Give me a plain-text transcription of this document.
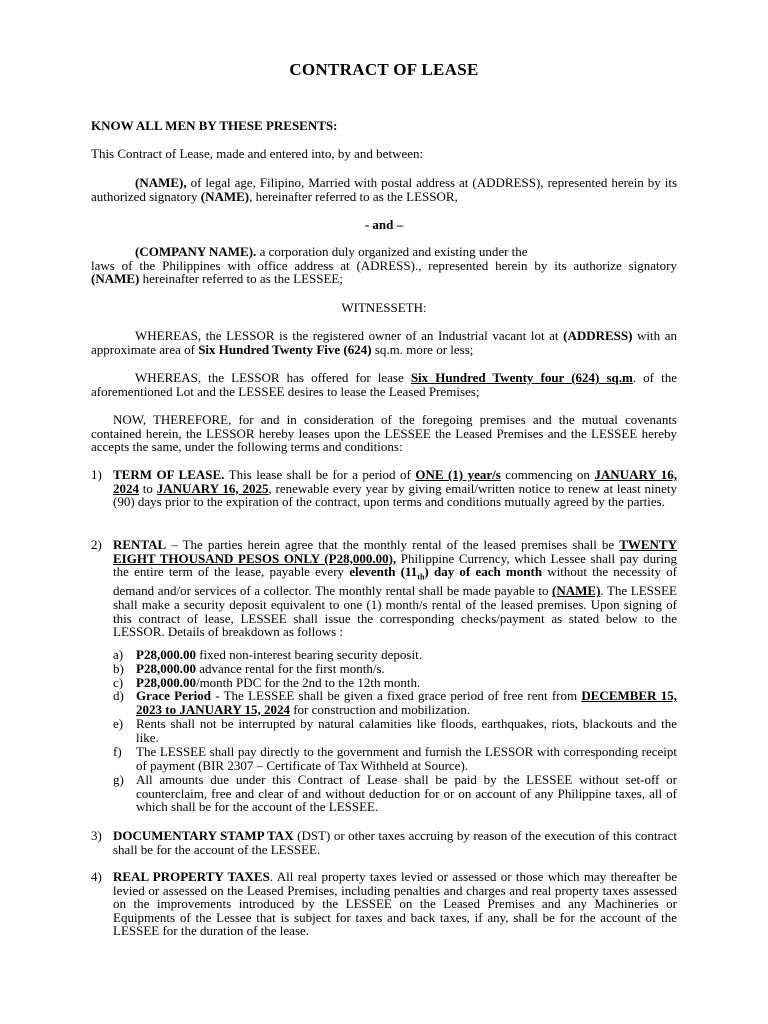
CONTRACT OF LEASE
KNOW ALL MEN BY THESE PRESENTS:
This Contract of Lease, made and entered into, by and between:
(NAME), of legal age, Filipino, Married with postal address at (ADDRESS), represented herein by its authorized signatory (NAME), hereinafter referred to as the LESSOR,
- and –
(COMPANY NAME). a corporation duly organized and existing under the
laws of the Philippines with office address at (ADRESS)., represented herein by its authorize signatory (NAME) hereinafter referred to as the LESSEE;
WITNESSETH:
WHEREAS, the LESSOR is the registered owner of an Industrial vacant lot at (ADDRESS) with an approximate area of Six Hundred Twenty Five (624) sq.m. more or less;
WHEREAS, the LESSOR has offered for lease Six Hundred Twenty four (624) sq.m. of the aforementioned Lot and the LESSEE desires to lease the Leased Premises;
NOW, THEREFORE, for and in consideration of the foregoing premises and the mutual covenants contained herein, the LESSOR hereby leases upon the LESSEE the Leased Premises and the LESSEE hereby accepts the same, under the following terms and conditions:
1) TERM OF LEASE. This lease shall be for a period of ONE (1) year/s commencing on JANUARY 16, 2024 to JANUARY 16, 2025, renewable every year by giving email/written notice to renew at least ninety (90) days prior to the expiration of the contract, upon terms and conditions mutually agreed by the parties.
2) RENTAL – The parties herein agree that the monthly rental of the leased premises shall be TWENTY EIGHT THOUSAND PESOS ONLY (P28,000.00), Philippine Currency, which Lessee shall pay during the entire term of the lease, payable every eleventh $(11_{th})$ day of each month without the necessity of demand and/or services of a collector. The monthly rental shall be made payable to (NAME). The LESSEE shall make a security deposit equivalent to one (1) month/s rental of the leased premises. Upon signing of this contract of lease, LESSEE shall issue the corresponding checks/payment as stated below to the LESSOR. Details of breakdown as follows :
a) P28,000.00 fixed non-interest bearing security deposit.
b) P28,000.00 advance rental for the first month/s.
c) P28,000.00/month PDC for the 2nd to the 12th month.
d) Grace Period - The LESSEE shall be given a fixed grace period of free rent from DECEMBER 15, 2023 to JANUARY 15, 2024 for construction and mobilization.
e) Rents shall not be interrupted by natural calamities like floods, earthquakes, riots, blackouts and the like.
f) The LESSEE shall pay directly to the government and furnish the LESSOR with corresponding receipt of payment (BIR 2307 – Certificate of Tax Withheld at Source).
g) All amounts due under this Contract of Lease shall be paid by the LESSEE without set-off or counterclaim, free and clear of and without deduction for or on account of any Philippine taxes, all of which shall be for the account of the LESSEE.
3) DOCUMENTARY STAMP TAX (DST) or other taxes accruing by reason of the execution of this contract shall be for the account of the LESSEE.
4) REAL PROPERTY TAXES. All real property taxes levied or assessed or those which may thereafter be levied or assessed on the Leased Premises, including penalties and charges and real property taxes assessed on the improvements introduced by the LESSEE on the Leased Premises and any Machineries or Equipments of the Lessee that is subject for taxes and back taxes, if any, shall be for the account of the LESSEE for the duration of the lease.
